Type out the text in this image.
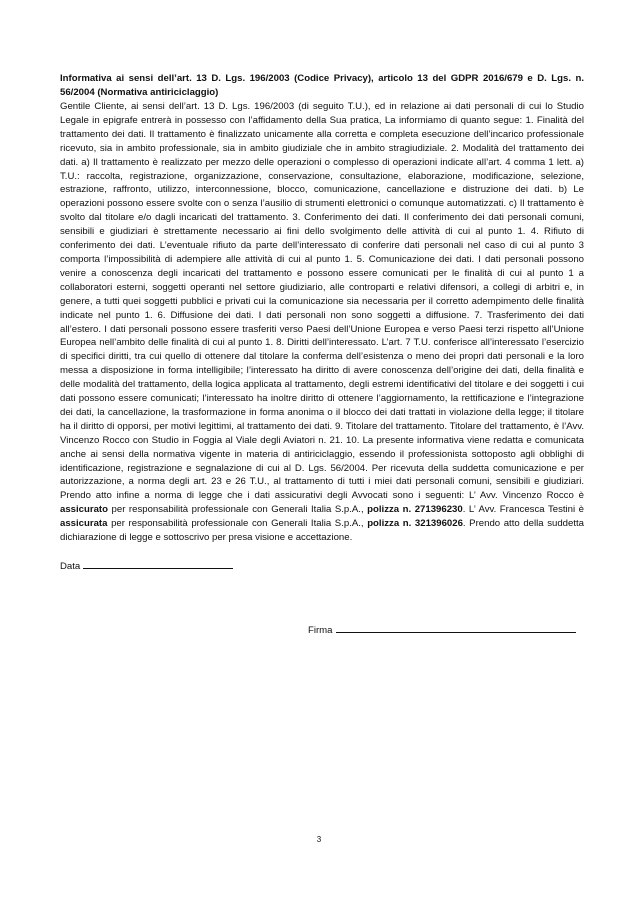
Informativa ai sensi dell’art. 13 D. Lgs. 196/2003 (Codice Privacy), articolo 13 del GDPR 2016/679 e D. Lgs. n. 56/2004 (Normativa antiriciclaggio)

Gentile Cliente, ai sensi dell’art. 13 D. Lgs. 196/2003 (di seguito T.U.), ed in relazione ai dati personali di cui lo Studio Legale in epigrafe entrerà in possesso con l’affidamento della Sua pratica, La informiamo di quanto segue: 1. Finalità del trattamento dei dati. Il trattamento è finalizzato unicamente alla corretta e completa esecuzione dell’incarico professionale ricevuto, sia in ambito professionale, sia in ambito giudiziale che in ambito stragiudiziale. 2. Modalità del trattamento dei dati. a) Il trattamento è realizzato per mezzo delle operazioni o complesso di operazioni indicate all’art. 4 comma 1 lett. a) T.U.: raccolta, registrazione, organizzazione, conservazione, consultazione, elaborazione, modificazione, selezione, estrazione, raffronto, utilizzo, interconnessione, blocco, comunicazione, cancellazione e distruzione dei dati. b) Le operazioni possono essere svolte con o senza l’ausilio di strumenti elettronici o comunque automatizzati. c) Il trattamento è svolto dal titolare e/o dagli incaricati del trattamento. 3. Conferimento dei dati. Il conferimento dei dati personali comuni, sensibili e giudiziari è strettamente necessario ai fini dello svolgimento delle attività di cui al punto 1. 4. Rifiuto di conferimento dei dati. L’eventuale rifiuto da parte dell’interessato di conferire dati personali nel caso di cui al punto 3 comporta l’impossibilità di adempiere alle attività di cui al punto 1. 5. Comunicazione dei dati. I dati personali possono venire a conoscenza degli incaricati del trattamento e possono essere comunicati per le finalità di cui al punto 1 a collaboratori esterni, soggetti operanti nel settore giudiziario, alle controparti e relativi difensori, a collegi di arbitri e, in genere, a tutti quei soggetti pubblici e privati cui la comunicazione sia necessaria per il corretto adempimento delle finalità indicate nel punto 1. 6. Diffusione dei dati. I dati personali non sono soggetti a diffusione. 7. Trasferimento dei dati all’estero. I dati personali possono essere trasferiti verso Paesi dell’Unione Europea e verso Paesi terzi rispetto all’Unione Europea nell’ambito delle finalità di cui al punto 1. 8. Diritti dell’interessato. L’art. 7 T.U. conferisce all’interessato l’esercizio di specifici diritti, tra cui quello di ottenere dal titolare la conferma dell’esistenza o meno dei propri dati personali e la loro messa a disposizione in forma intelligibile; l’interessato ha diritto di avere conoscenza dell’origine dei dati, della finalità e delle modalità del trattamento, della logica applicata al trattamento, degli estremi identificativi del titolare e dei soggetti i cui dati possono essere comunicati; l’interessato ha inoltre diritto di ottenere l’aggiornamento, la rettificazione e l’integrazione dei dati, la cancellazione, la trasformazione in forma anonima o il blocco dei dati trattati in violazione della legge; il titolare ha il diritto di opporsi, per motivi legittimi, al trattamento dei dati. 9. Titolare del trattamento. Titolare del trattamento, è l’Avv. Vincenzo Rocco con Studio in Foggia al Viale degli Aviatori n. 21. 10. La presente informativa viene redatta e comunicata anche ai sensi della normativa vigente in materia di antiriciclaggio, essendo il professionista sottoposto agli obblighi di identificazione, registrazione e segnalazione di cui al D. Lgs. 56/2004. Per ricevuta della suddetta comunicazione e per autorizzazione, a norma degli art. 23 e 26 T.U., al trattamento di tutti i miei dati personali comuni, sensibili e giudiziari. Prendo atto infine a norma di legge che i dati assicurativi degli Avvocati sono i seguenti: L’ Avv. Vincenzo Rocco è assicurato per responsabilità professionale con Generali Italia S.p.A., polizza n. 271396230. L’ Avv. Francesca Testini è assicurata per responsabilità professionale con Generali Italia S.p.A., polizza n. 321396026. Prendo atto della suddetta dichiarazione di legge e sottoscrivo per presa visione e accettazione.

Data
Firma
3
